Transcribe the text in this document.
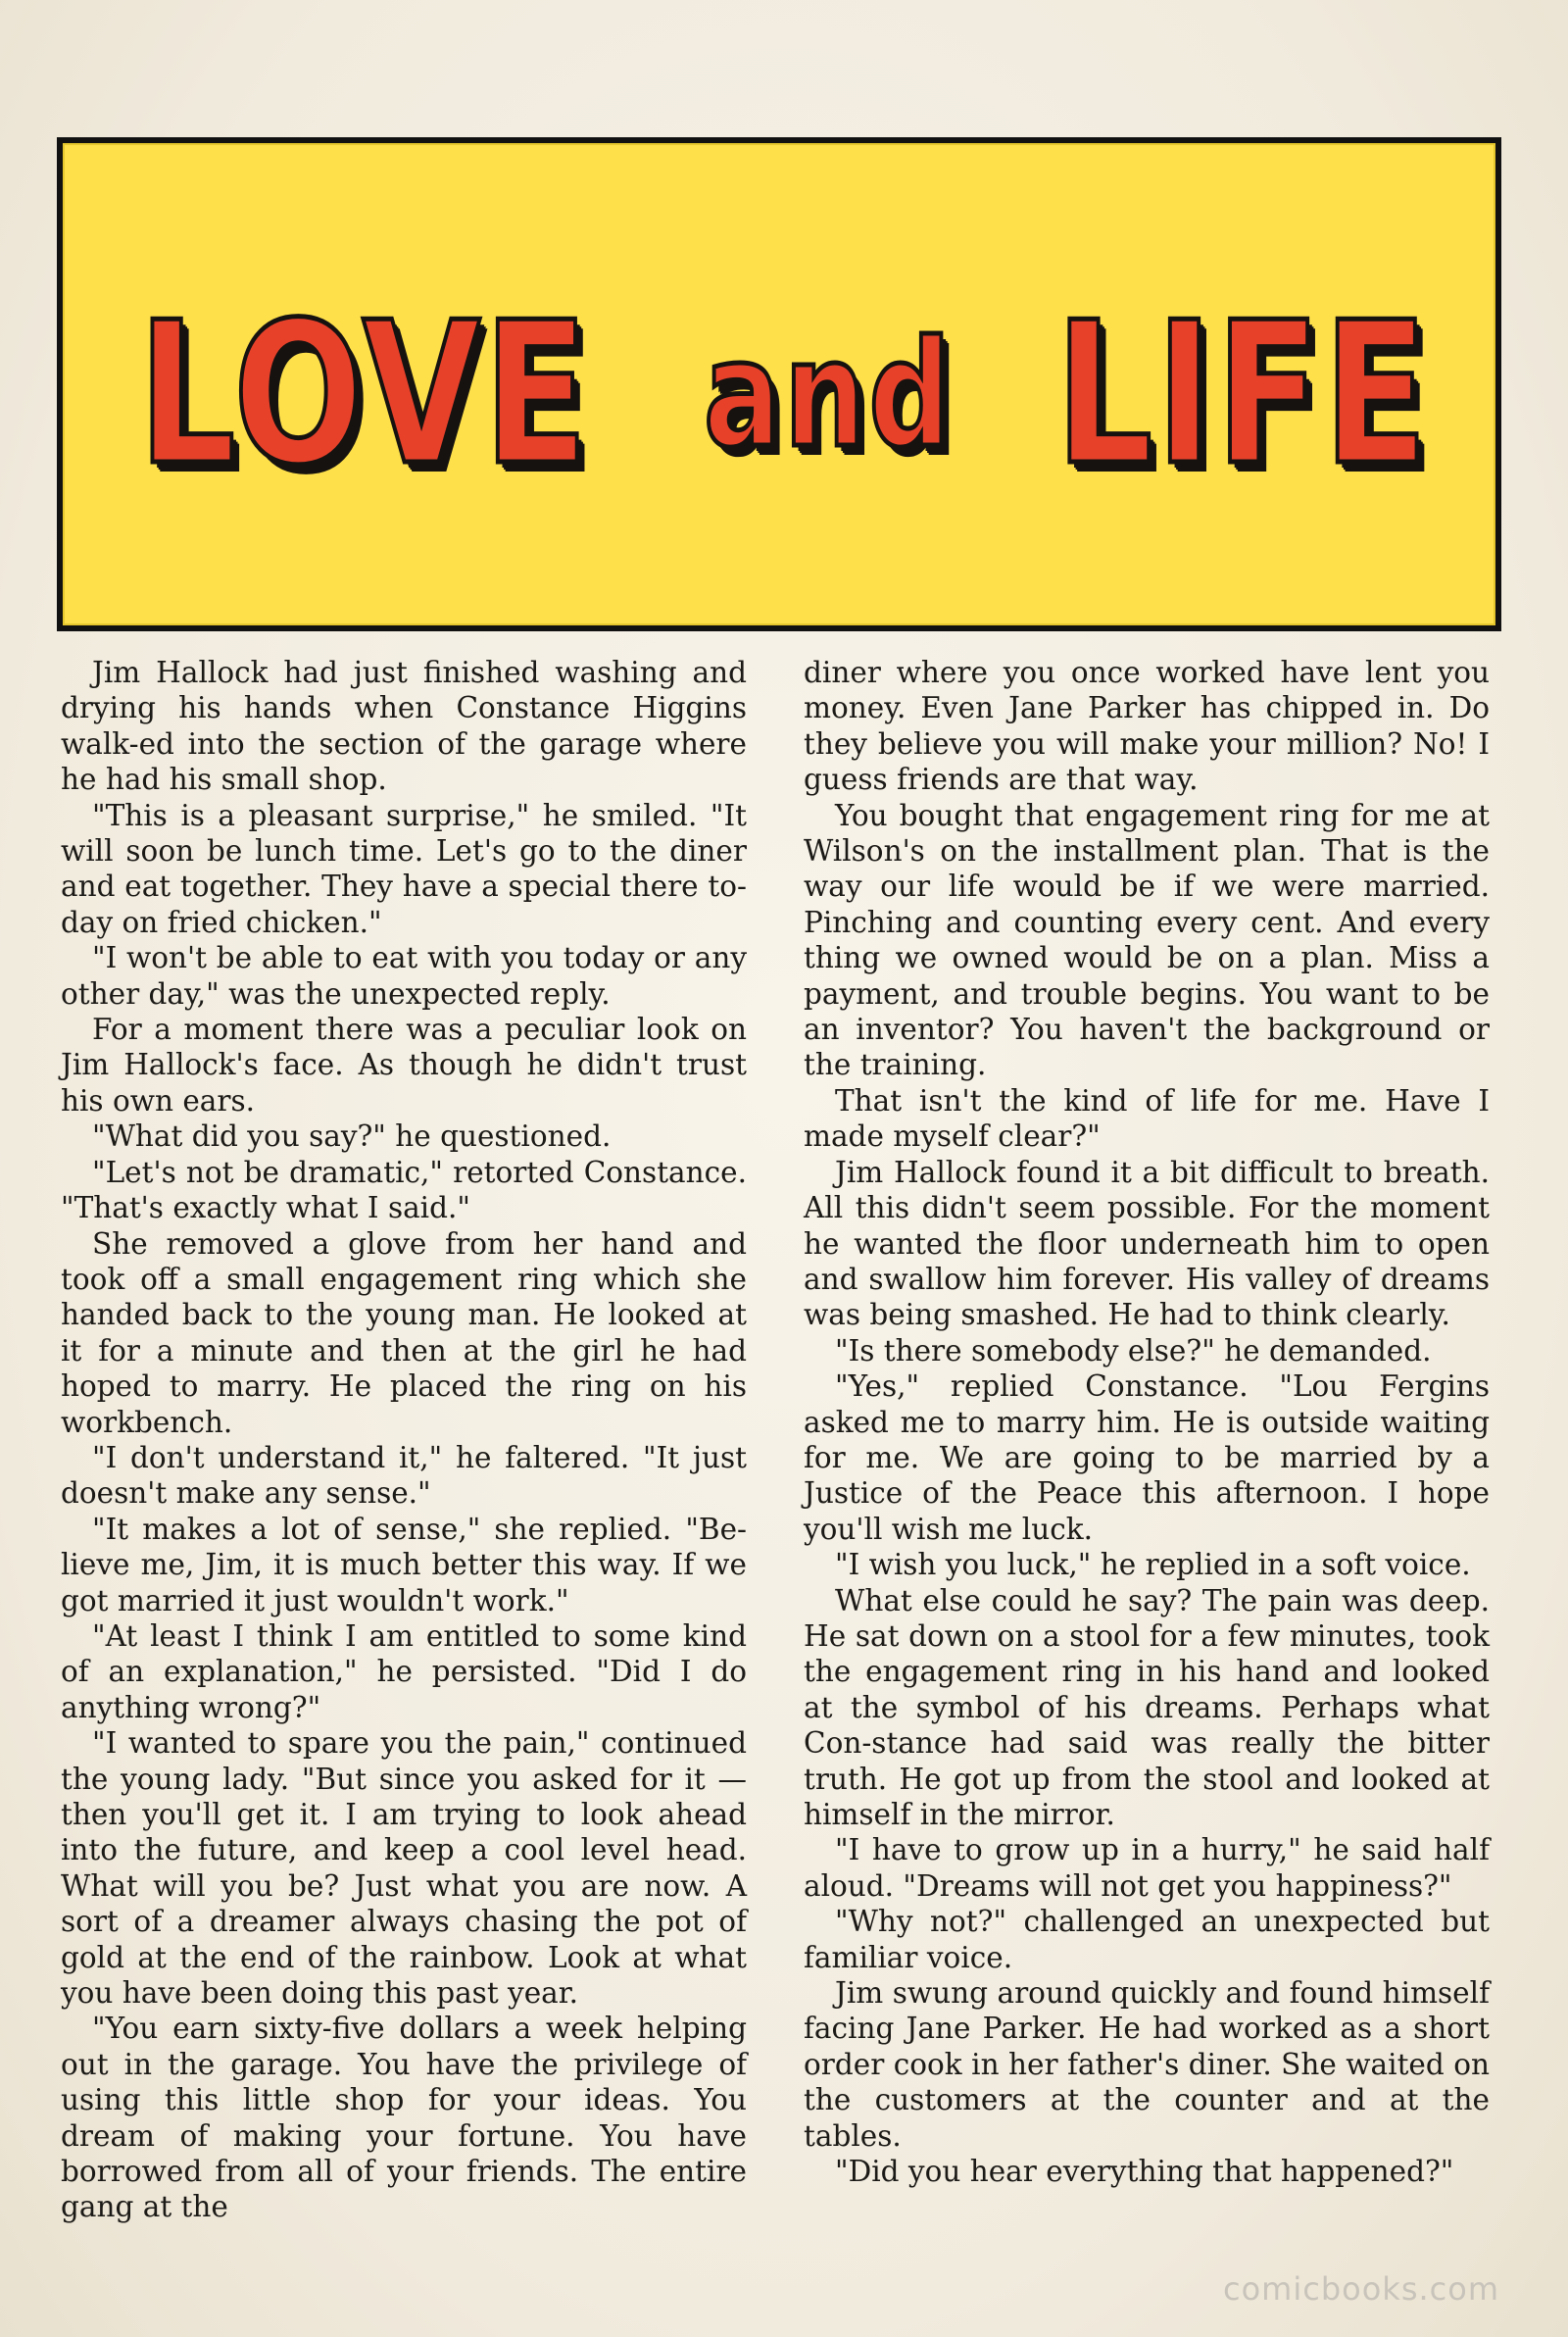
LOVE and LIFE

Jim Hallock had just finished washing and drying his hands when Constance Higgins walk-ed into the section of the garage where he had his small shop.

"This is a pleasant surprise," he smiled. "It will soon be lunch time. Let's go to the diner and eat together. They have a special there to-day on fried chicken."

"I won't be able to eat with you today or any other day," was the unexpected reply.

For a moment there was a peculiar look on Jim Hallock's face. As though he didn't trust his own ears.

"What did you say?" he questioned.

"Let's not be dramatic," retorted Constance. "That's exactly what I said."

She removed a glove from her hand and took off a small engagement ring which she handed back to the young man. He looked at it for a minute and then at the girl he had hoped to marry. He placed the ring on his workbench.

"I don't understand it," he faltered. "It just doesn't make any sense."

"It makes a lot of sense," she replied. "Be-lieve me, Jim, it is much better this way. If we got married it just wouldn't work."

"At least I think I am entitled to some kind of an explanation," he persisted. "Did I do anything wrong?"

"I wanted to spare you the pain," continued the young lady. "But since you asked for it — then you'll get it. I am trying to look ahead into the future, and keep a cool level head. What will you be? Just what you are now. A sort of a dreamer always chasing the pot of gold at the end of the rainbow. Look at what you have been doing this past year.

"You earn sixty-five dollars a week helping out in the garage. You have the privilege of using this little shop for your ideas. You dream of making your fortune. You have borrowed from all of your friends. The entire gang at the

diner where you once worked have lent you money. Even Jane Parker has chipped in. Do they believe you will make your million? No! I guess friends are that way.

You bought that engagement ring for me at Wilson's on the installment plan. That is the way our life would be if we were married. Pinching and counting every cent. And every thing we owned would be on a plan. Miss a payment, and trouble begins. You want to be an inventor? You haven't the background or the training.

That isn't the kind of life for me. Have I made myself clear?"

Jim Hallock found it a bit difficult to breath. All this didn't seem possible. For the moment he wanted the floor underneath him to open and swallow him forever. His valley of dreams was being smashed. He had to think clearly.

"Is there somebody else?" he demanded.

"Yes," replied Constance. "Lou Fergins asked me to marry him. He is outside waiting for me. We are going to be married by a Justice of the Peace this afternoon. I hope you'll wish me luck.

"I wish you luck," he replied in a soft voice.

What else could he say? The pain was deep. He sat down on a stool for a few minutes, took the engagement ring in his hand and looked at the symbol of his dreams. Perhaps what Con-stance had said was really the bitter truth. He got up from the stool and looked at himself in the mirror.

"I have to grow up in a hurry," he said half aloud. "Dreams will not get you happiness?"

"Why not?" challenged an unexpected but familiar voice.

Jim swung around quickly and found himself facing Jane Parker. He had worked as a short order cook in her father's diner. She waited on the customers at the counter and at the tables.

"Did you hear everything that happened?"

comicbooks.com
